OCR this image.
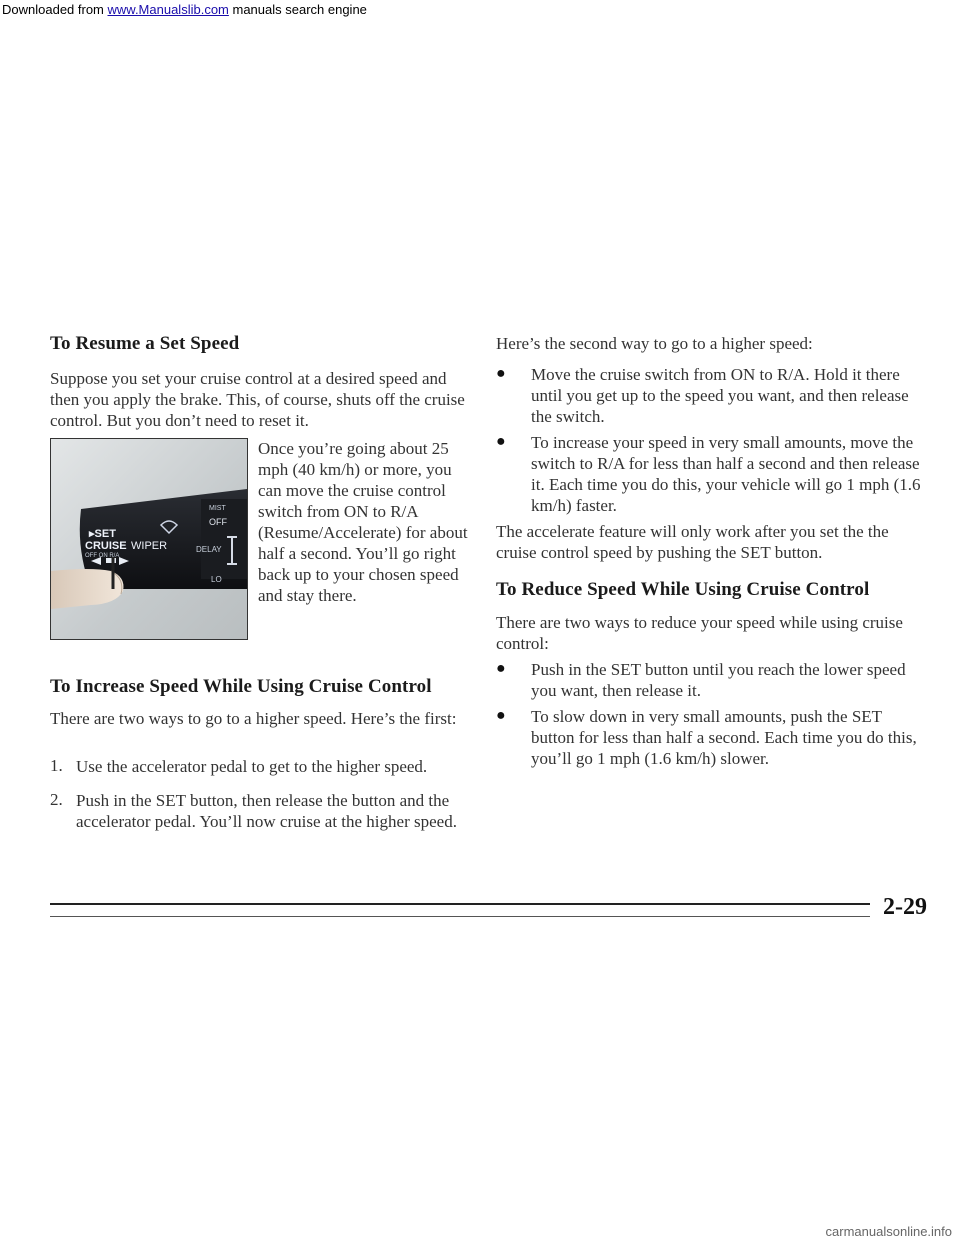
Downloaded from www.Manualslib.com manuals search engine
To Resume a Set Speed
Suppose you set your cruise control at a desired speed and then you apply the brake. This, of course, shuts off the cruise control. But you don’t need to reset it.
▸SET
CRUISE
OFF ON R/A
WIPER
MIST
OFF
DELAY
LO
Once you’re going about 25 mph (40 km/h) or more, you can move the cruise control switch from ON to R/A (Resume/Accelerate) for about half a second. You’ll go right back up to your chosen speed and stay there.
To Increase Speed While Using Cruise Control
There are two ways to go to a higher speed. Here’s the first:
1. Use the accelerator pedal to get to the higher speed.
2. Push in the SET button, then release the button and the accelerator pedal. You’ll now cruise at the higher speed.
Here’s the second way to go to a higher speed:
● Move the cruise switch from ON to R/A. Hold it there until you get up to the speed you want, and then release the switch.
● To increase your speed in very small amounts, move the switch to R/A for less than half a second and then release it. Each time you do this, your vehicle will go 1 mph (1.6 km/h) faster.
The accelerate feature will only work after you set the the cruise control speed by pushing the SET button.
To Reduce Speed While Using Cruise Control
There are two ways to reduce your speed while using cruise control:
● Push in the SET button until you reach the lower speed you want, then release it.
● To slow down in very small amounts, push the SET button for less than half a second. Each time you do this, you’ll go 1 mph (1.6 km/h) slower.
2-29
carmanualsonline.info
